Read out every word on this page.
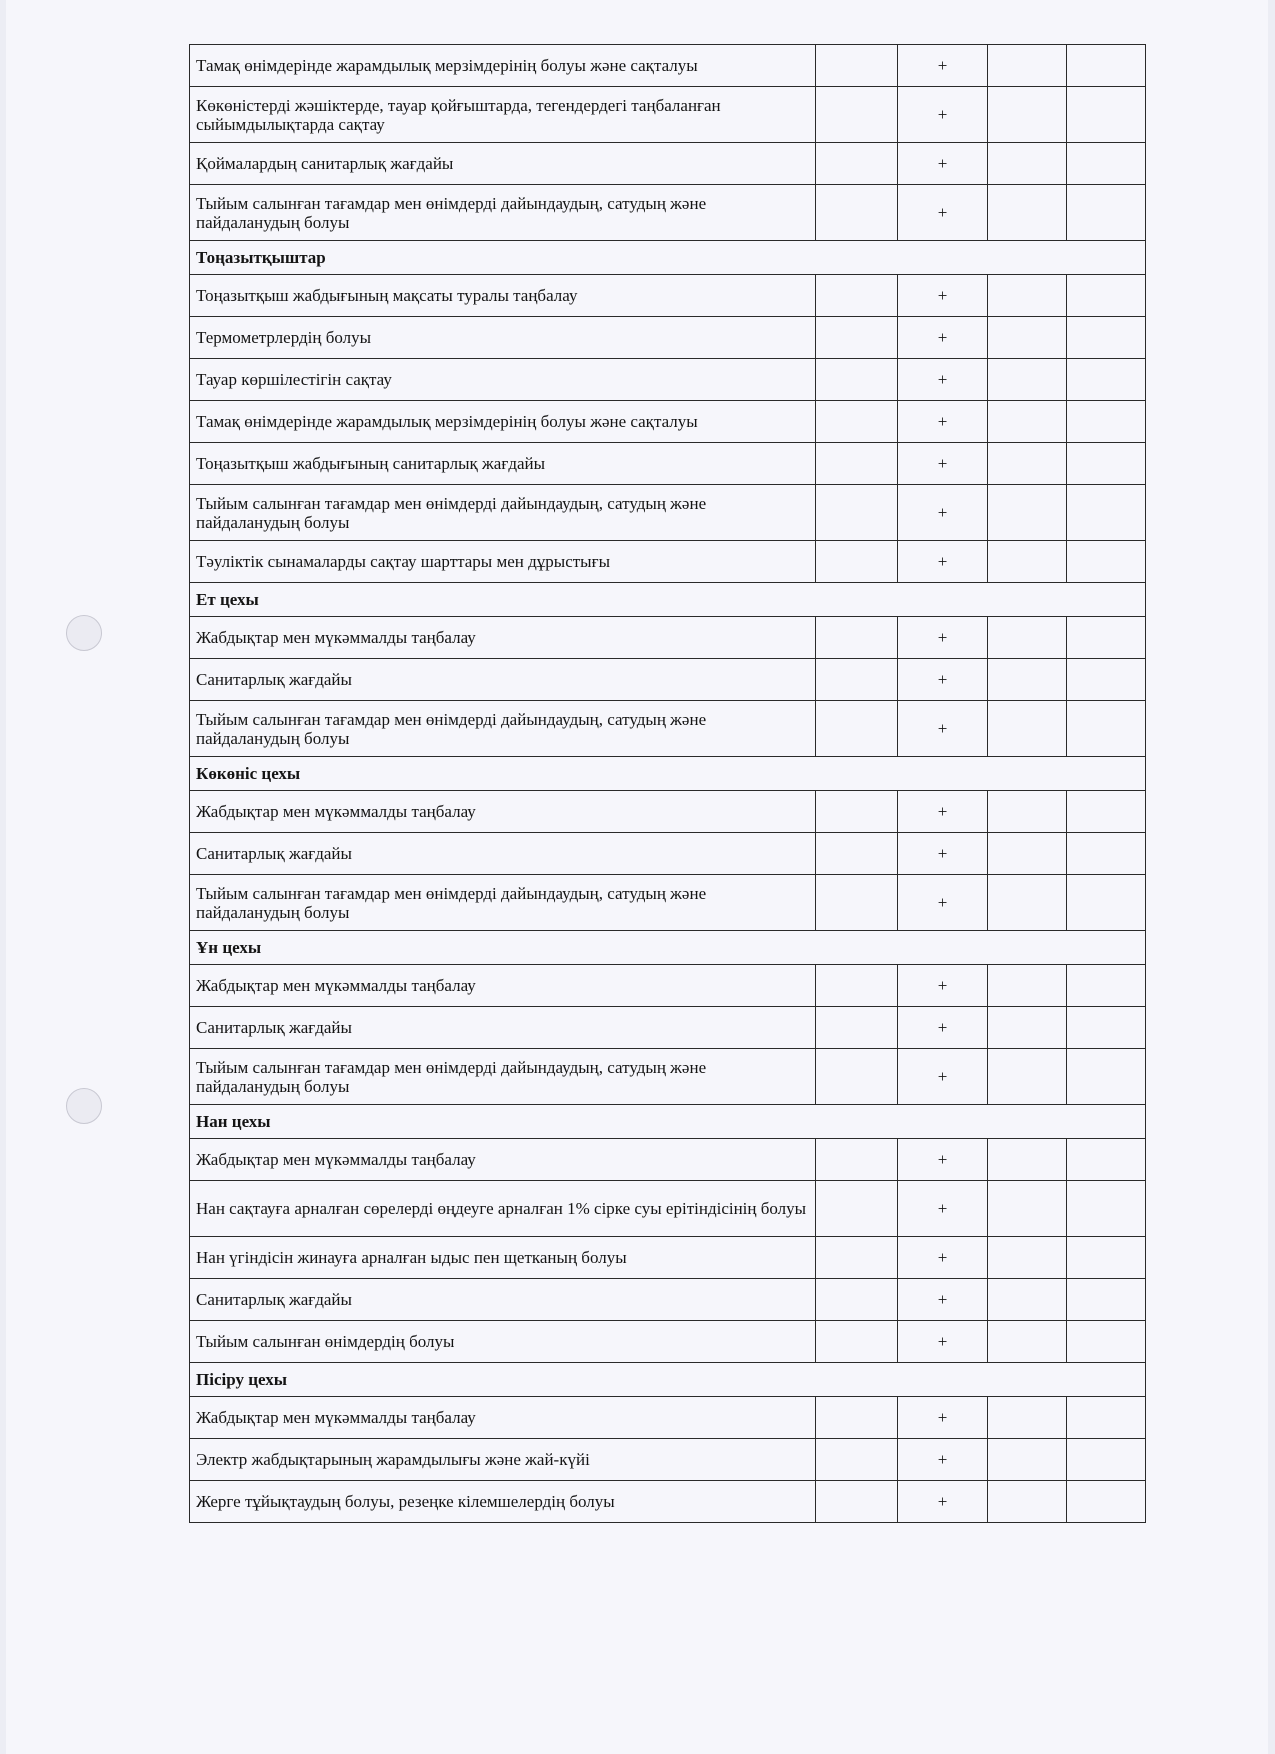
Тамақ өнімдерінде жарамдылық мерзімдерінің болуы және сақталуы		+		
Көкөністерді жәшіктерде, тауар қойғыштарда, тегендердегі таңбаланған сыйымдылықтарда сақтау		+		
Қоймалардың санитарлық жағдайы		+		
Тыйым салынған тағамдар мен өнімдерді дайындаудың, сатудың және пайдаланудың болуы		+		
Тоңазытқыштар				
Тоңазытқыш жабдығының мақсаты туралы таңбалау		+		
Термометрлердің болуы		+		
Тауар көршілестігін сақтау		+		
Тамақ өнімдерінде жарамдылық мерзімдерінің болуы және сақталуы		+		
Тоңазытқыш жабдығының санитарлық жағдайы		+		
Тыйым салынған тағамдар мен өнімдерді дайындаудың, сатудың және пайдаланудың болуы		+		
Тәуліктік сынамаларды сақтау шарттары мен дұрыстығы		+		
Ет цехы				
Жабдықтар мен мүкәммалды таңбалау		+		
Санитарлық жағдайы		+		
Тыйым салынған тағамдар мен өнімдерді дайындаудың, сатудың және пайдаланудың болуы		+		
Көкөніс цехы				
Жабдықтар мен мүкәммалды таңбалау		+		
Санитарлық жағдайы		+		
Тыйым салынған тағамдар мен өнімдерді дайындаудың, сатудың және пайдаланудың болуы		+		
Ұн цехы				
Жабдықтар мен мүкәммалды таңбалау		+		
Санитарлық жағдайы		+		
Тыйым салынған тағамдар мен өнімдерді дайындаудың, сатудың және пайдаланудың болуы		+		
Нан цехы				
Жабдықтар мен мүкәммалды таңбалау		+		
Нан сақтауға арналған сөрелерді өңдеуге арналған 1% сірке суы ерітіндісінің болуы		+		
Нан үгіндісін жинауға арналған ыдыс пен щетканың болуы		+		
Санитарлық жағдайы		+		
Тыйым салынған өнімдердің болуы		+		
Пісіру цехы				
Жабдықтар мен мүкәммалды таңбалау		+		
Электр жабдықтарының жарамдылығы және жай-күйі		+		
Жерге тұйықтаудың болуы, резеңке кілемшелердің болуы		+		
